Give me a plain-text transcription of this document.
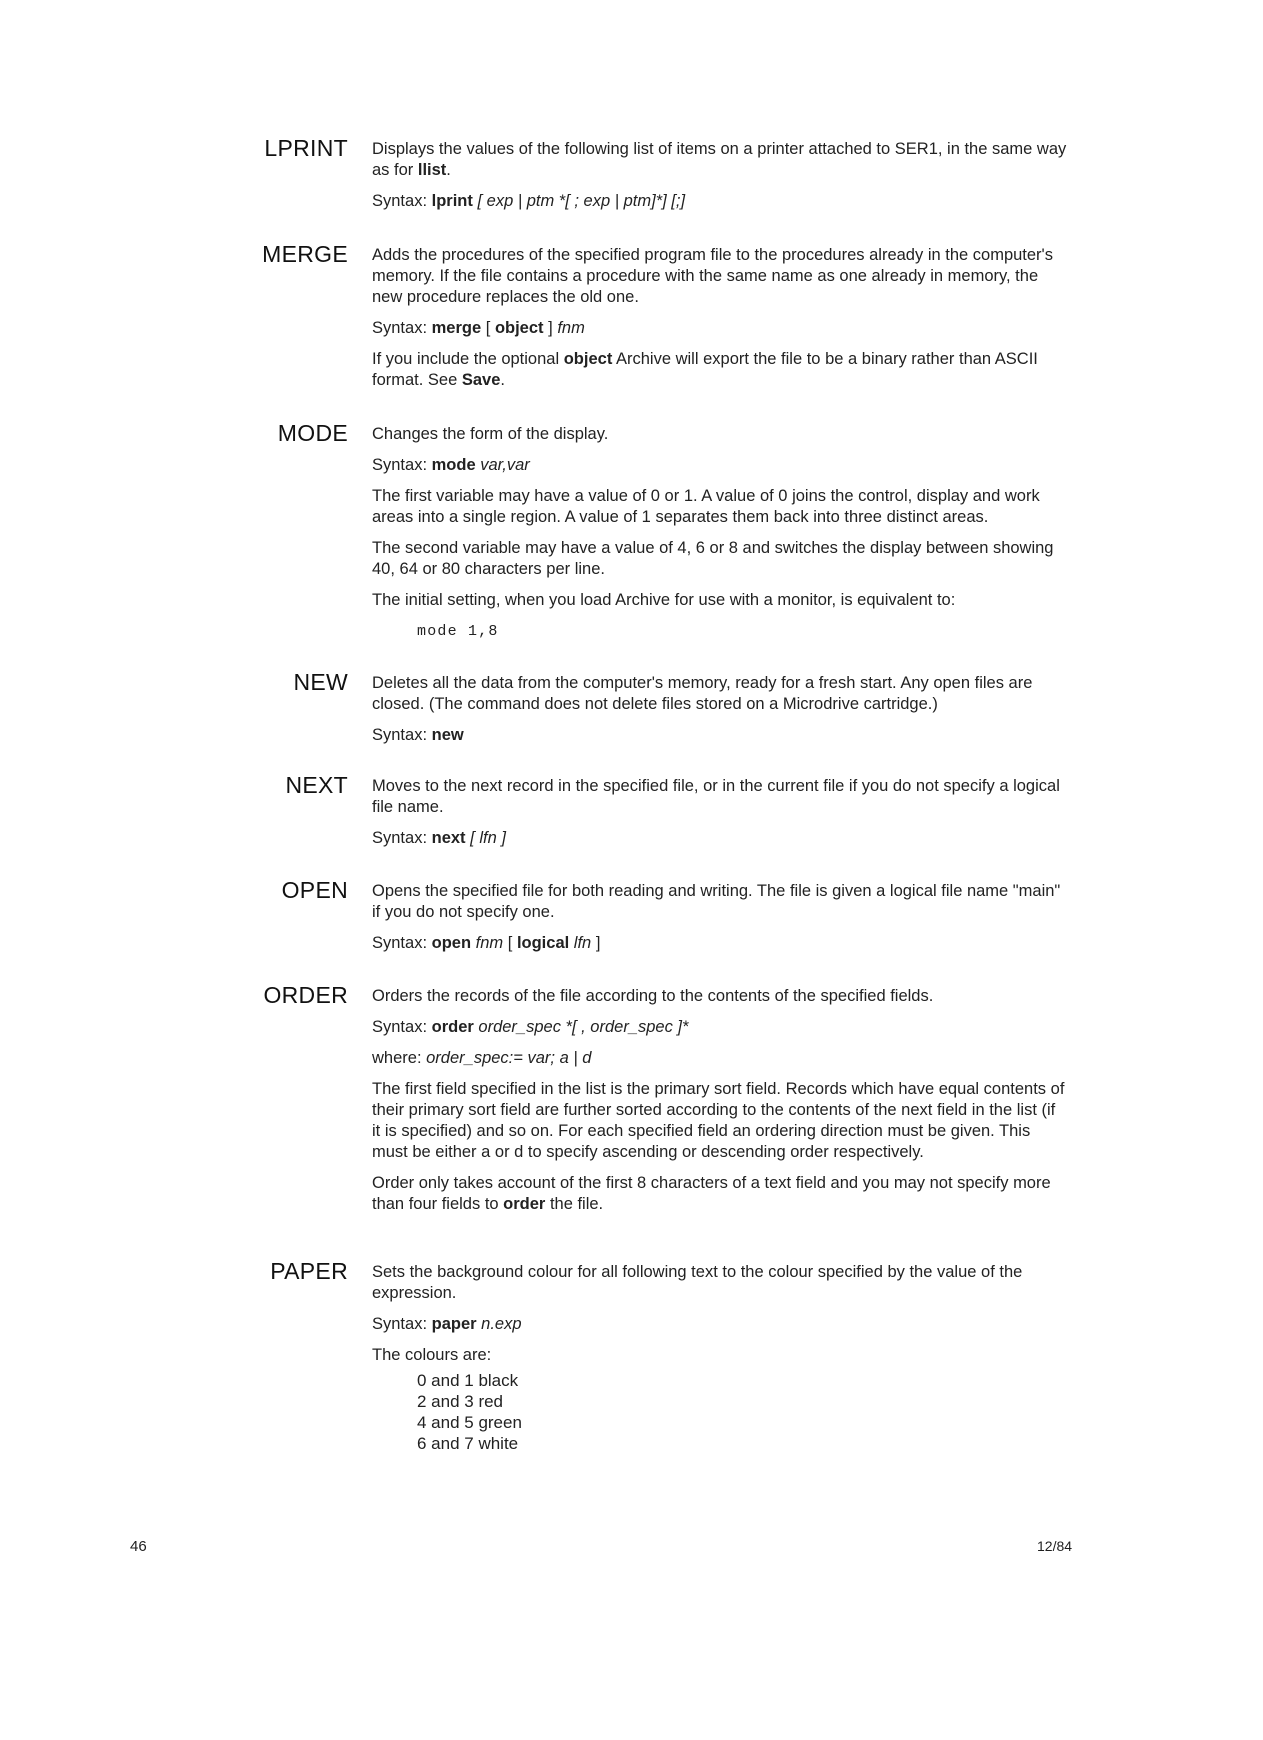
LPRINT Displays the values of the following list of items on a printer attached to SER1, in the same way as for llist.

Syntax: lprint [ exp | ptm *[ ; exp | ptm]*] [;]

MERGE Adds the procedures of the specified program file to the procedures already in the computer's memory. If the file contains a procedure with the same name as one already in memory, the new procedure replaces the old one.

Syntax: merge [ object ] fnm

If you include the optional object Archive will export the file to be a binary rather than ASCII format. See Save.

MODE Changes the form of the display.

Syntax: mode var,var

The first variable may have a value of 0 or 1. A value of 0 joins the control, display and work areas into a single region. A value of 1 separates them back into three distinct areas.

The second variable may have a value of 4, 6 or 8 and switches the display between showing 40, 64 or 80 characters per line.

The initial setting, when you load Archive for use with a monitor, is equivalent to:

mode 1,8
NEW Deletes all the data from the computer's memory, ready for a fresh start. Any open files are closed. (The command does not delete files stored on a Microdrive cartridge.)

Syntax: new

NEXT Moves to the next record in the specified file, or in the current file if you do not specify a logical file name.

Syntax: next [ lfn ]

OPEN Opens the specified file for both reading and writing. The file is given a logical file name "main" if you do not specify one.

Syntax: open fnm [ logical lfn ]

ORDER Orders the records of the file according to the contents of the specified fields.

Syntax: order order_spec *[ , order_spec ]*

where: order_spec:= var; a | d

The first field specified in the list is the primary sort field. Records which have equal contents of their primary sort field are further sorted according to the contents of the next field in the list (if it is specified) and so on. For each specified field an ordering direction must be given. This must be either a or d to specify ascending or descending order respectively.

Order only takes account of the first 8 characters of a text field and you may not specify more than four fields to order the file.

PAPER Sets the background colour for all following text to the colour specified by the value of the expression.

Syntax: paper n.exp

The colours are:

0 and 1 black
2 and 3 red
4 and 5 green
6 and 7 white
46	12/84
